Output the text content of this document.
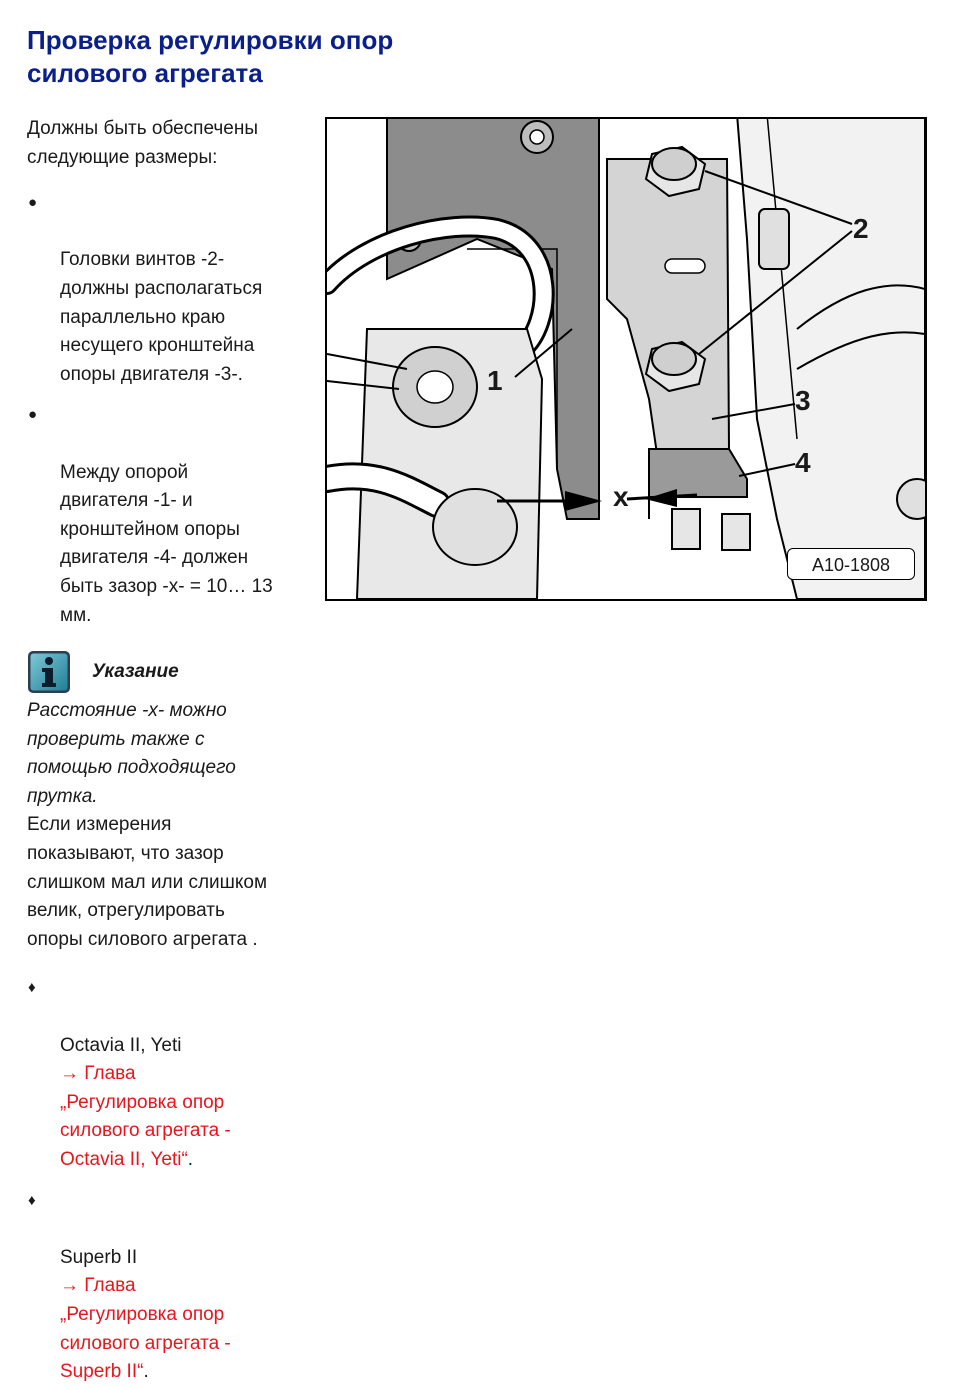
Проверка регулировки опор
силового агрегата

Должны быть обеспечены
следующие размеры:

●

Головки винтов -2-
должны располагаться
параллельно краю
несущего кронштейна
опоры двигателя -3-.

●

Между опорой
двигателя -1- и
кронштейном опоры
двигателя -4- должен
быть зазор -x- = 10… 13
мм.

Указание

Расстояние -x- можно
проверить также с
помощью подходящего
прутка.

Если измерения
показывают, что зазор
слишком мал или слишком
велик, отрегулировать
опоры силового агрегата .

♦

Octavia II, Yeti
→ Глава
„Регулировка опор
силового агрегата -
Octavia II, Yeti“.

♦

Superb II
→ Глава
„Регулировка опор
силового агрегата -
Superb II“.

1
2
3
4
x
A10-1808
